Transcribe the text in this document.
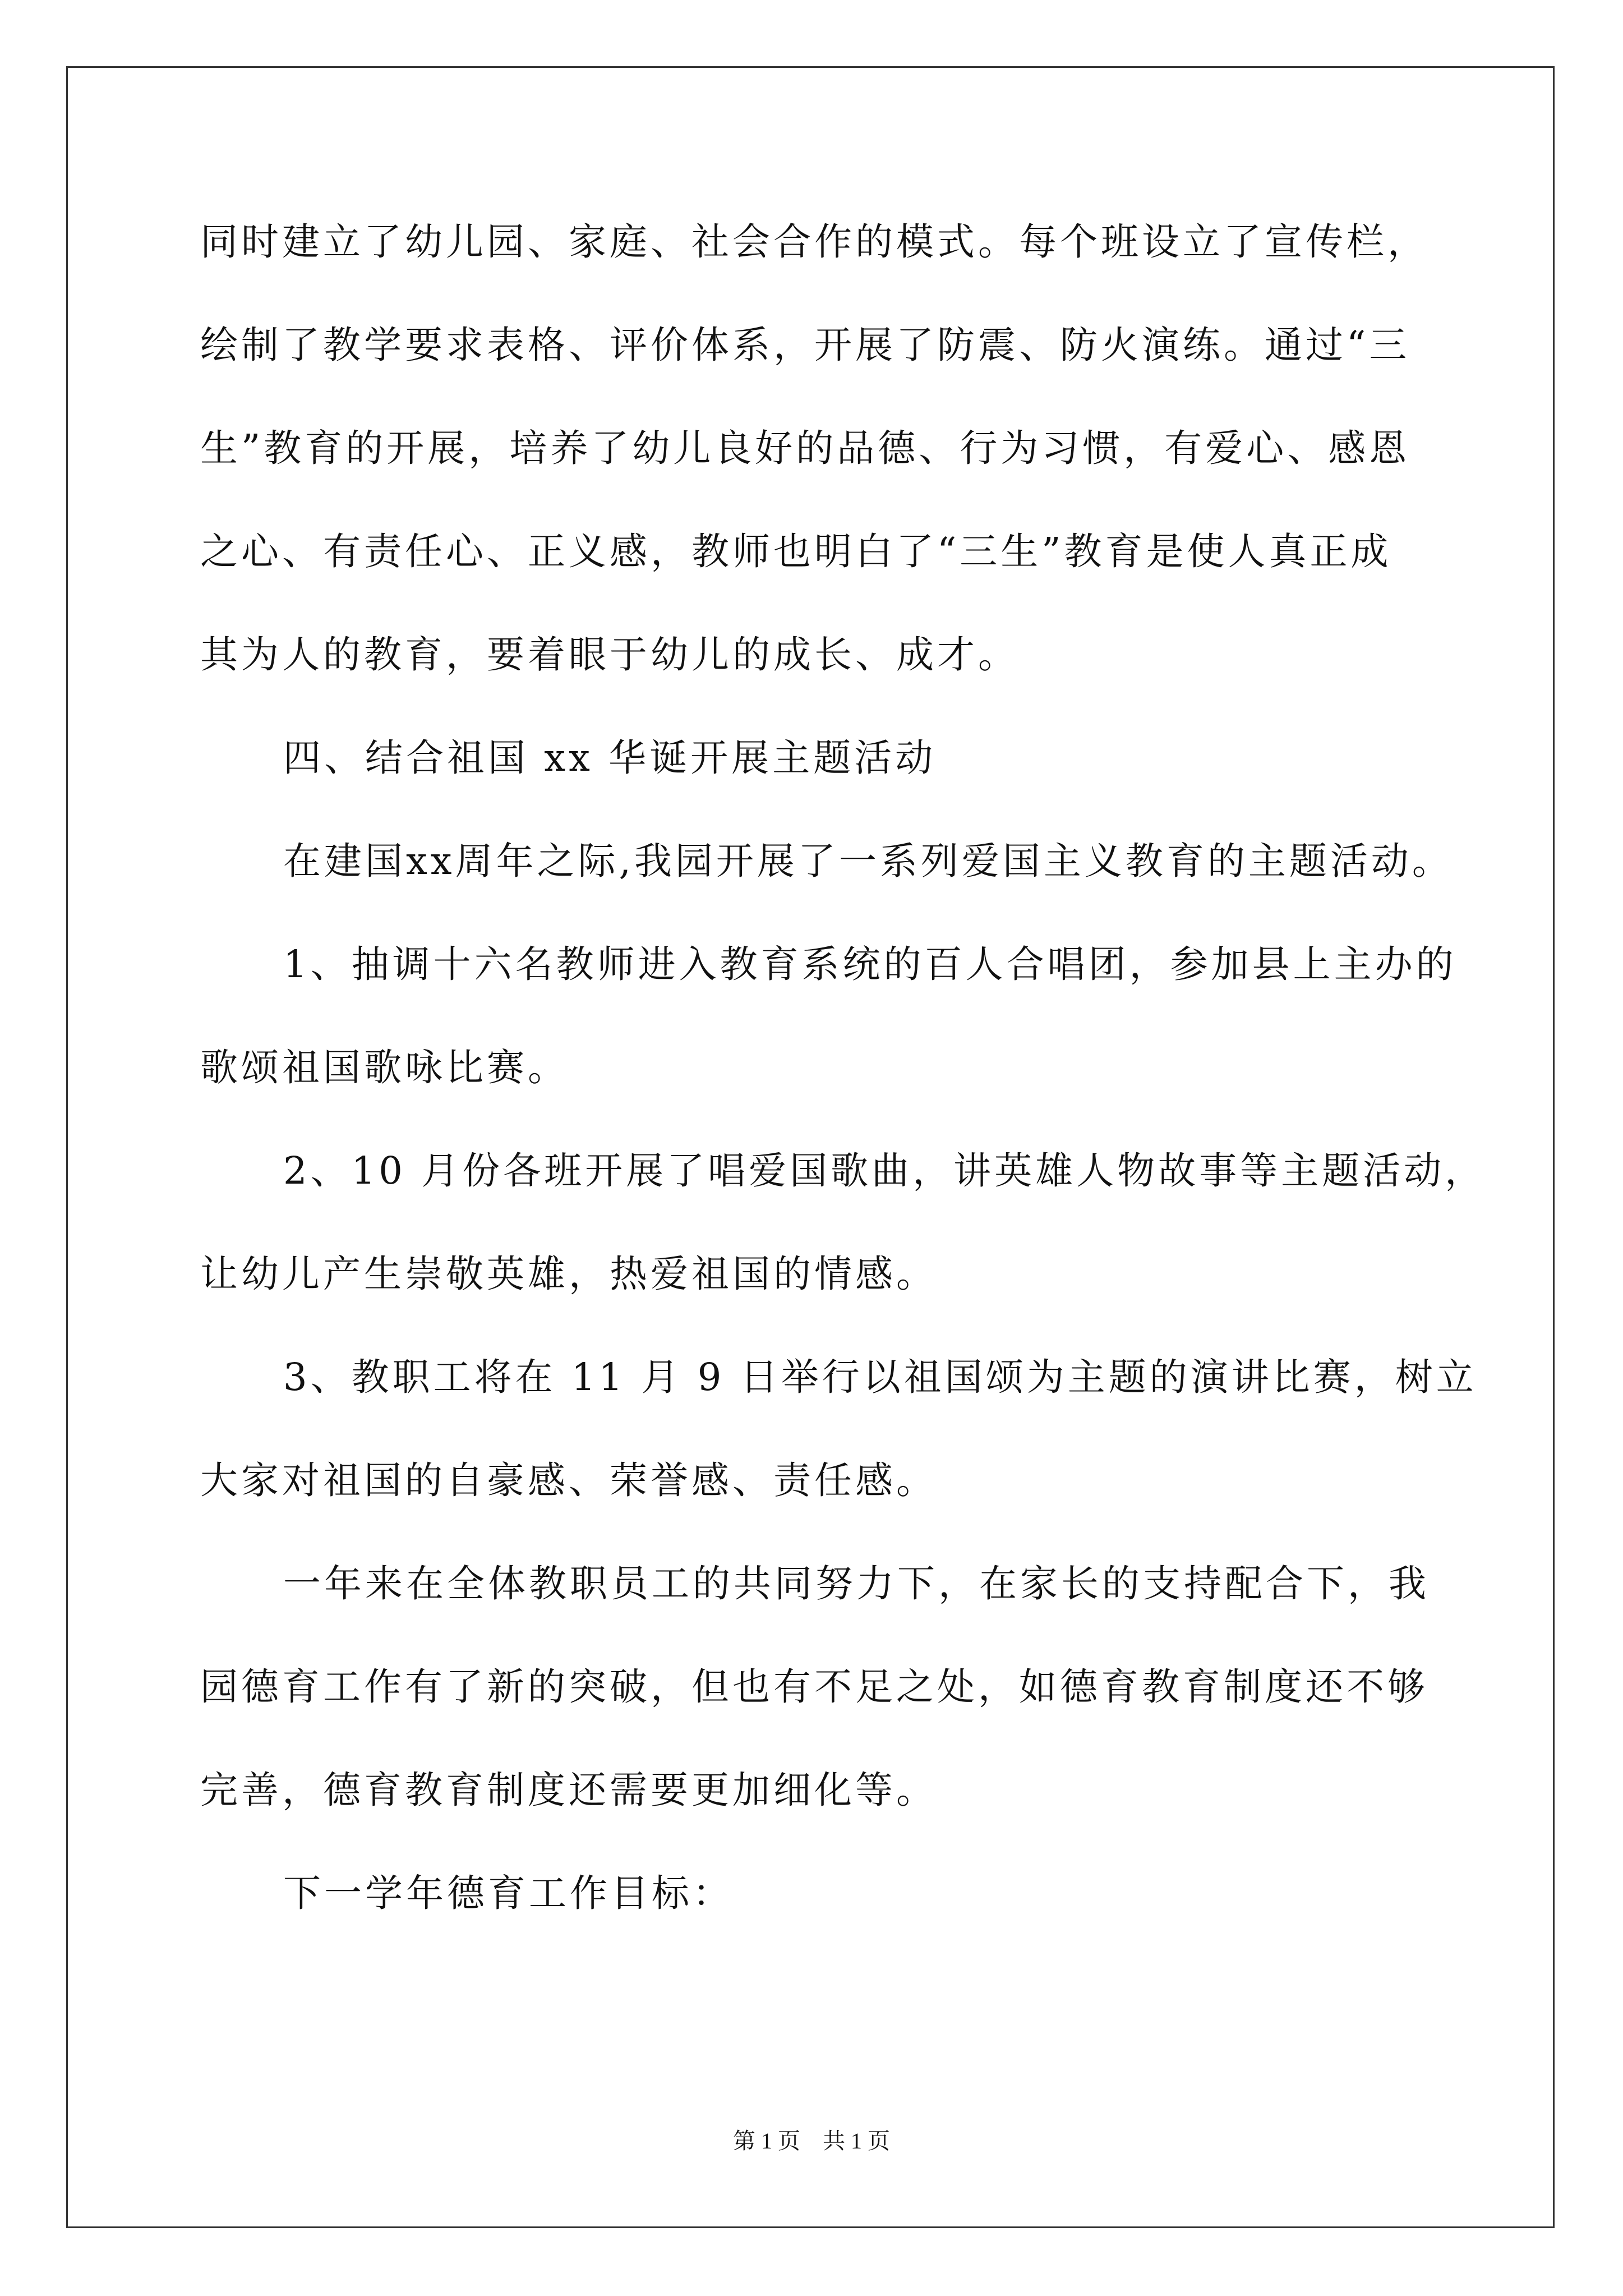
同时建立了幼儿园、家庭、社会合作的模式。每个班设立了宣传栏，
绘制了教学要求表格、评价体系，开展了防震、防火演练。通过“三
生”教育的开展，培养了幼儿良好的品德、行为习惯，有爱心、感恩
之心、有责任心、正义感，教师也明白了“三生”教育是使人真正成
其为人的教育，要着眼于幼儿的成长、成才。
四、结合祖国 xx 华诞开展主题活动
在建国xx周年之际,我园开展了一系列爱国主义教育的主题活动。
1、抽调十六名教师进入教育系统的百人合唱团，参加县上主办的
歌颂祖国歌咏比赛。
2、10 月份各班开展了唱爱国歌曲，讲英雄人物故事等主题活动，
让幼儿产生崇敬英雄，热爱祖国的情感。
3、教职工将在 11 月 9 日举行以祖国颂为主题的演讲比赛，树立
大家对祖国的自豪感、荣誉感、责任感。
一年来在全体教职员工的共同努力下，在家长的支持配合下，我
园德育工作有了新的突破，但也有不足之处，如德育教育制度还不够
完善，德育教育制度还需要更加细化等。
下一学年德育工作目标：
第 1 页　共 1 页
